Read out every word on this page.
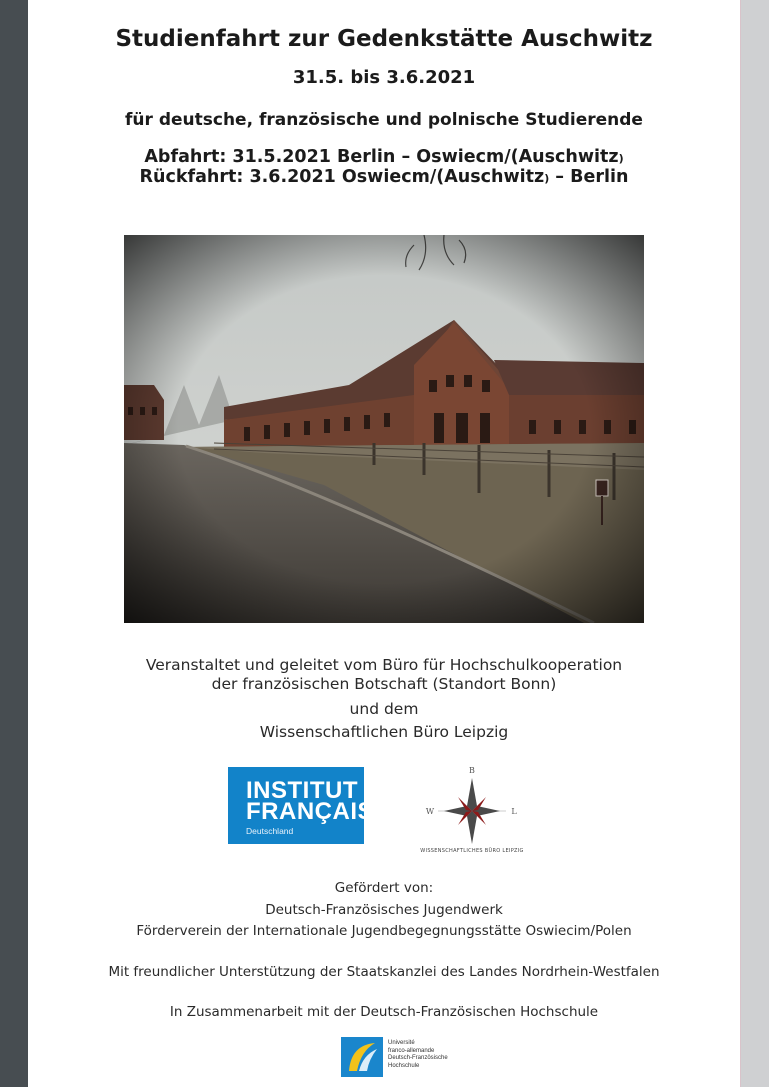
Studienfahrt zur Gedenkstätte Auschwitz
31.5. bis 3.6.2021
für deutsche, französische und polnische Studierende
Abfahrt: 31.5.2021 Berlin – Oswiecm/(Auschwitz)
Rückfahrt: 3.6.2021 Oswiecm/(Auschwitz) – Berlin
Veranstaltet und geleitet vom Büro für Hochschulkooperation
der französischen Botschaft (Standort Bonn)
und dem
Wissenschaftlichen Büro Leipzig
INSTITUT
FRANÇAIS
Deutschland
B
W	L
WISSENSCHAFTLICHES BÜRO LEIPZIG
Gefördert von:
Deutsch-Französisches Jugendwerk
Förderverein der Internationale Jugendbegegnungsstätte Oswiecim/Polen
Mit freundlicher Unterstützung der Staatskanzlei des Landes Nordrhein-Westfalen
In Zusammenarbeit mit der Deutsch-Französischen Hochschule
Université
franco-allemande
Deutsch-Französische
Hochschule
